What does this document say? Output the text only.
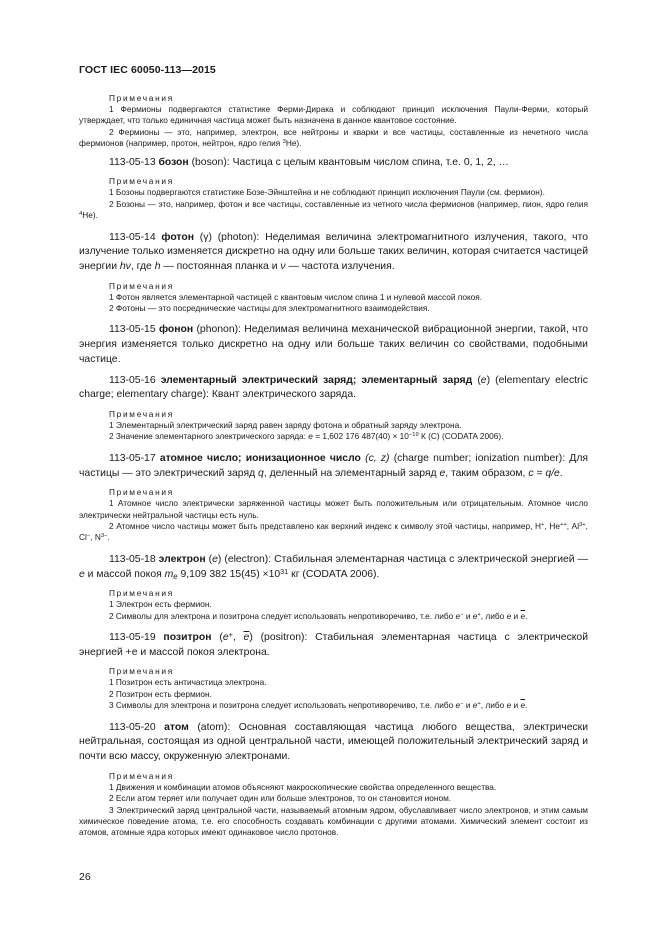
ГОСТ IEC 60050-113—2015

Примечания

1 Фермионы подвергаются статистике Ферми-Дирака и соблюдают принцип исключения Паули-Ферми, который утверждает, что только единичная частица может быть назначена в данное квантовое состояние.

2 Фермионы — это, например, электрон, все нейтроны и кварки и все частицы, составленные из нечетного числа фермионов (например, протон, нейтрон, ядро гелия $^3$Не).

113-05-13 бозон (boson): Частица с целым квантовым числом спина, т.е. 0, 1, 2, …

Примечания

1 Бозоны подвергаются статистике Бозе-Эйнштейна и не соблюдают принцип исключения Паули (см. фермион).

2 Бозоны — это, например, фотон и все частицы, составленные из четного числа фермионов (например, пион, ядро гелия $^4$Не).

113-05-14 фотон (γ) (photon): Неделимая величина электромагнитного излучения, такого, что излучение только изменяется дискретно на одну или больше таких величин, которая считается частицей энергии hν, где h — постоянная планка и ν — частота излучения.

Примечания

1 Фотон является элементарной частицей с квантовым числом спина 1 и нулевой массой покоя.

2 Фотоны — это посреднические частицы для электромагнитного взаимодействия.

113-05-15 фонон (phonon): Неделимая величина механической вибрационной энергии, такой, что энергия изменяется только дискретно на одну или больше таких величин со свойствами, подобными частице.

113-05-16 элементарный электрический заряд; элементарный заряд (e) (elementary electric charge; elementary charge): Квант электрического заряда.

Примечания

1 Элементарный электрический заряд равен заряду фотона и обратный заряду электрона.

2 Значение элементарного электрического заряда: e = 1,602 176 $487(40) \times 10^{-19}$ К (С) (CODATA 2006).

113-05-17 атомное число; ионизационное число (c, z) (charge number; ionization number): Для частицы — это электрический заряд q, деленный на элементарный заряд e, таким образом, c = q/e.

Примечания

1 Атомное число электрически заряженной частицы может быть положительным или отрицательным. Атомное число электрически нейтральной частицы есть нуль.

2 Атомное число частицы может быть представлено как верхний индекс к символу этой частицы, например, Н+, Не++, $Al^{3+}$, Cl−, $N^{3-}$.

113-05-18 электрон (e) (electron): Стабильная элементарная частица с электрической энергией — e и массой покоя $m_e$ 9,109 382 $15(45) \times 10^{31}$ кг (CODATA 2006).

Примечания

1 Электрон есть фермион.

2 Символы для электрона и позитрона следует использовать непротиворечиво, т.е. либо e− и e+, либо e и $\overline{e}$.

113-05-19 позитрон (e+, $\overline{e}$) (positron): Стабильная элементарная частица с электрической энергией +е и массой покоя электрона.

Примечания

1 Позитрон есть античастица электрона.

2 Позитрон есть фермион.

3 Символы для электрона и позитрона следует использовать непротиворечиво, т.е. либо e− и e+, либо e и $\overline{e}$.

113-05-20 атом (atom): Основная составляющая частица любого вещества, электрически нейтральная, состоящая из одной центральной части, имеющей положительный электрический заряд и почти всю массу, окруженную электронами.

Примечания

1 Движения и комбинации атомов объясняют макроскопические свойства определенного вещества.

2 Если атом теряет или получает один или больше электронов, то он становится ионом.

3 Электрический заряд центральной части, называемый атомным ядром, обуславливает число электронов, и этим самым химическое поведение атома, т.е. его способность создавать комбинации с другими атомами. Химический элемент состоит из атомов, атомные ядра которых имеют одинаковое число протонов.

26
